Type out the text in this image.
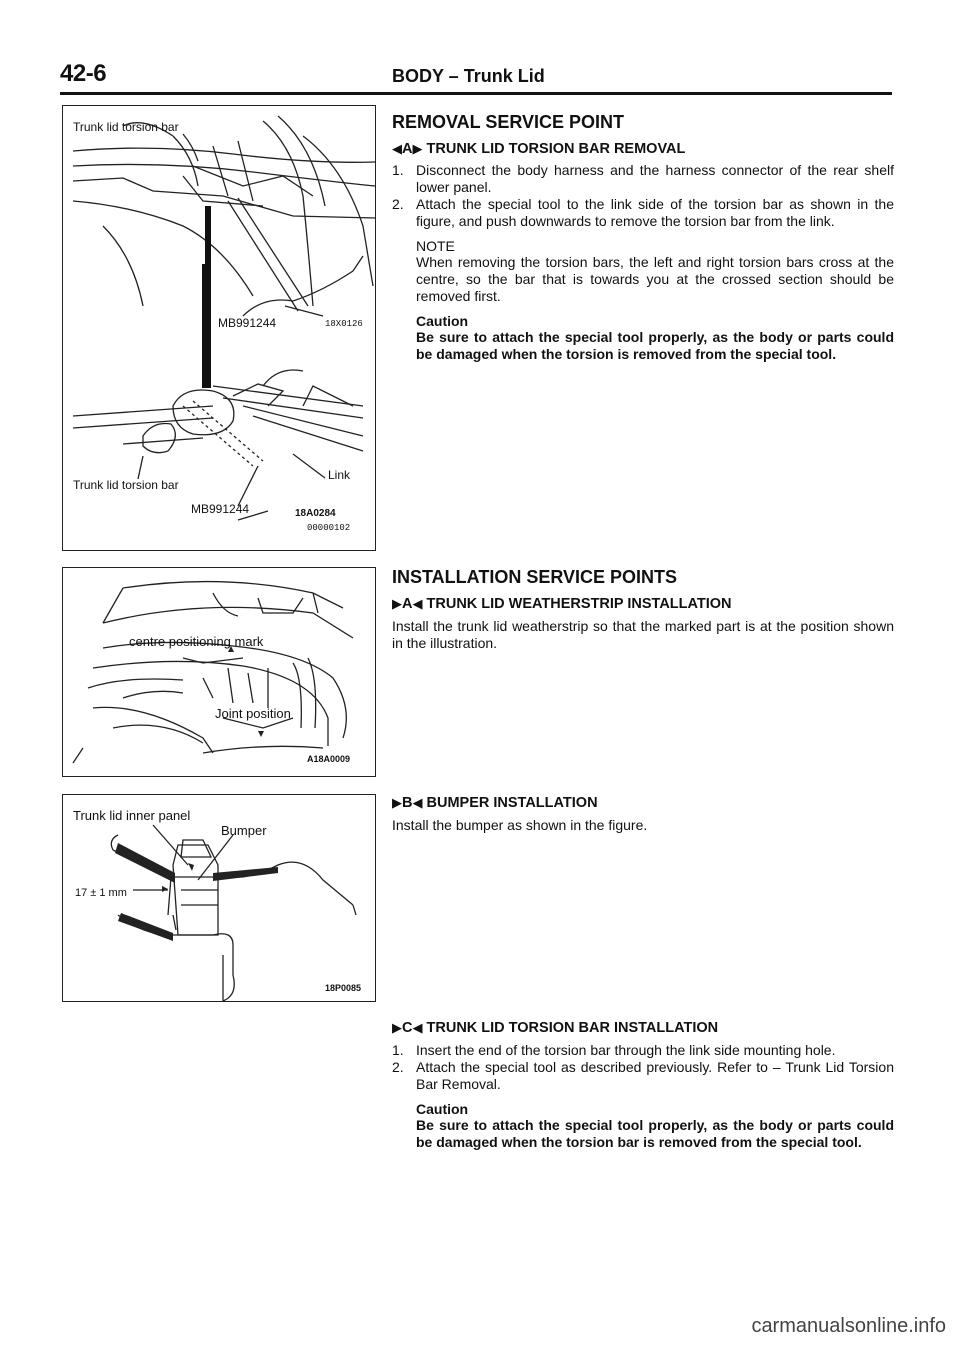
42-6	BODY – Trunk Lid
Trunk lid torsion bar
MB991244	18X0126
Trunk lid torsion bar
Link
MB991244	18A0284
00000102
centre positioning mark
Joint position
A18A0009
Trunk lid inner panel
Bumper
17 ± 1 mm
18P0085
REMOVAL SERVICE POINT
◀A▶ TRUNK LID TORSION BAR REMOVAL
1. Disconnect the body harness and the harness connector of the rear shelf lower panel.
2. Attach the special tool to the link side of the torsion bar as shown in the figure, and push downwards to remove the torsion bar from the link.
NOTE
When removing the torsion bars, the left and right torsion bars cross at the centre, so the bar that is towards you at the crossed section should be removed first.
Caution
Be sure to attach the special tool properly, as the body or parts could be damaged when the torsion is removed from the special tool.
INSTALLATION SERVICE POINTS
▶A◀ TRUNK LID WEATHERSTRIP INSTALLATION
Install the trunk lid weatherstrip so that the marked part is at the position shown in the illustration.
▶B◀ BUMPER INSTALLATION
Install the bumper as shown in the figure.
▶C◀ TRUNK LID TORSION BAR INSTALLATION
1. Insert the end of the torsion bar through the link side mounting hole.
2. Attach the special tool as described previously. Refer to – Trunk Lid Torsion Bar Removal.
Caution
Be sure to attach the special tool properly, as the body or parts could be damaged when the torsion bar is removed from the special tool.
carmanualsonline.info
